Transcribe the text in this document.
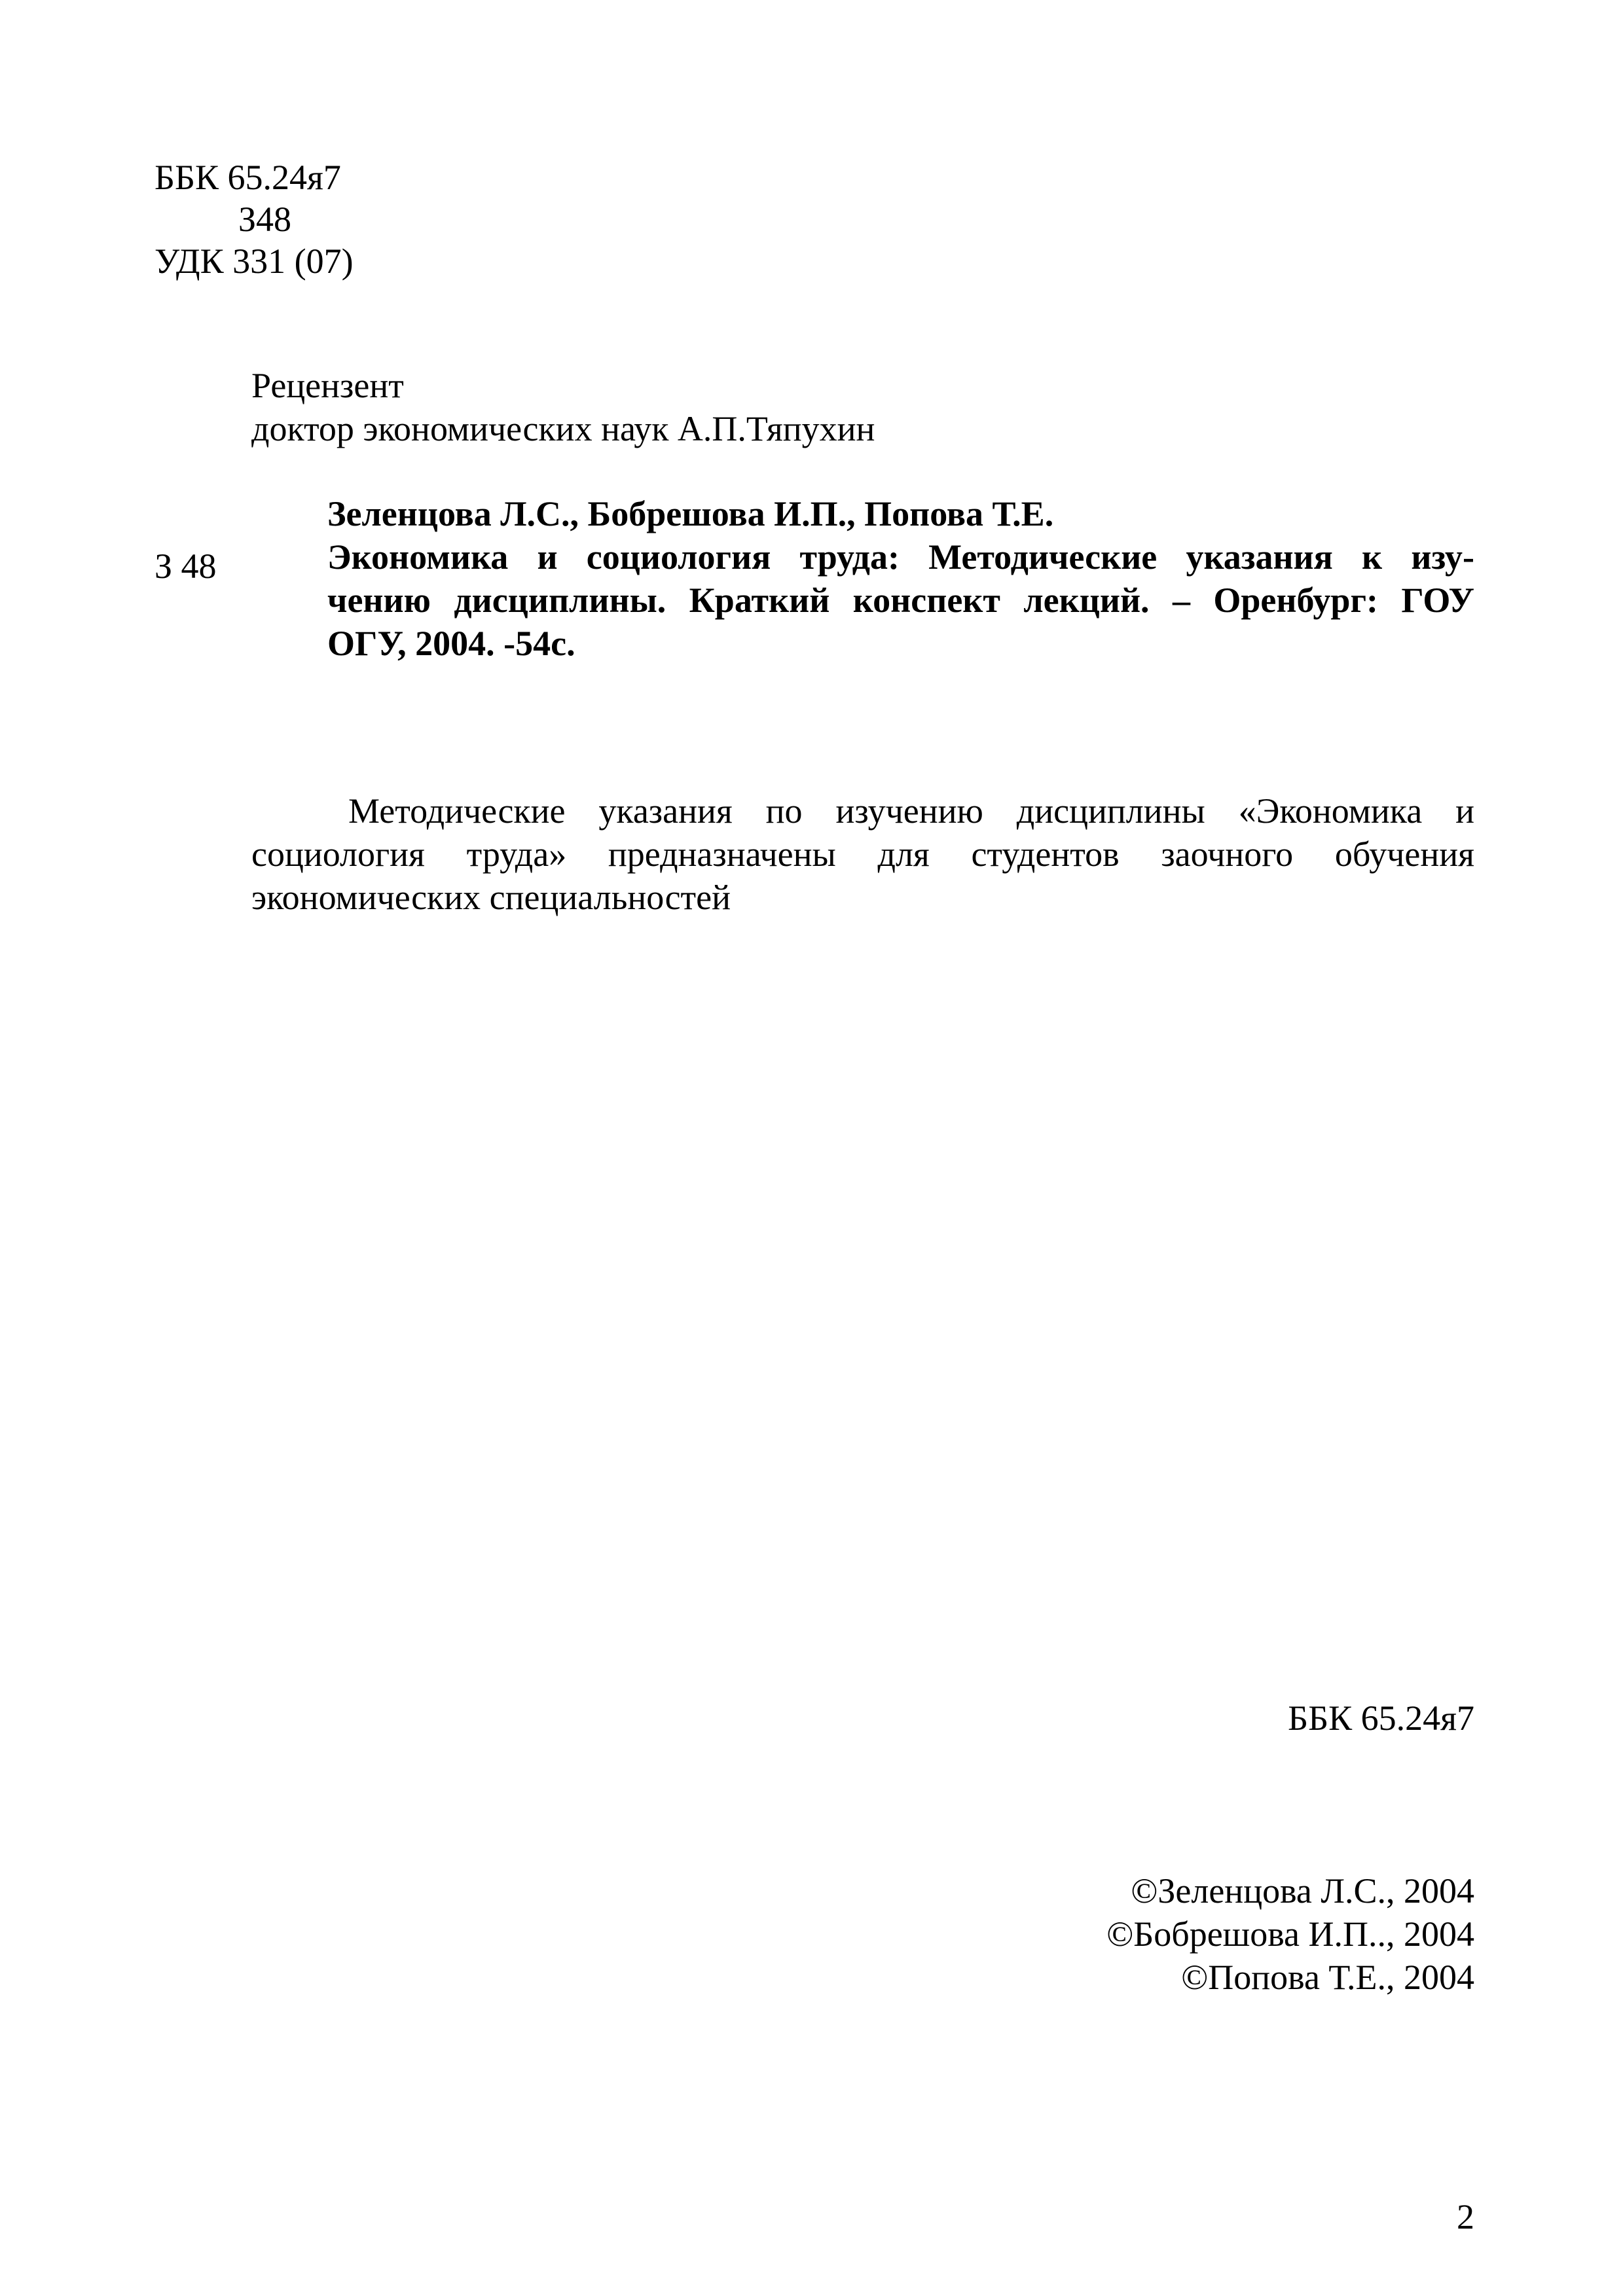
ББК 65.24я7
З48
УДК 331 (07)
Рецензент
доктор экономических наук А.П.Тяпухин
Зеленцова Л.С., Бобрешова И.П., Попова Т.Е.
З 48	Экономика и социология труда: Методические указания к изу-
чению дисциплины. Краткий конспект лекций. – Оренбург: ГОУ
ОГУ, 2004. -54с.
Методические указания по изучению дисциплины «Экономика и
социология труда» предназначены для студентов заочного обучения
экономических специальностей
ББК 65.24я7
©Зеленцова Л.С., 2004
©Бобрешова И.П.., 2004
©Попова Т.Е., 2004
2
